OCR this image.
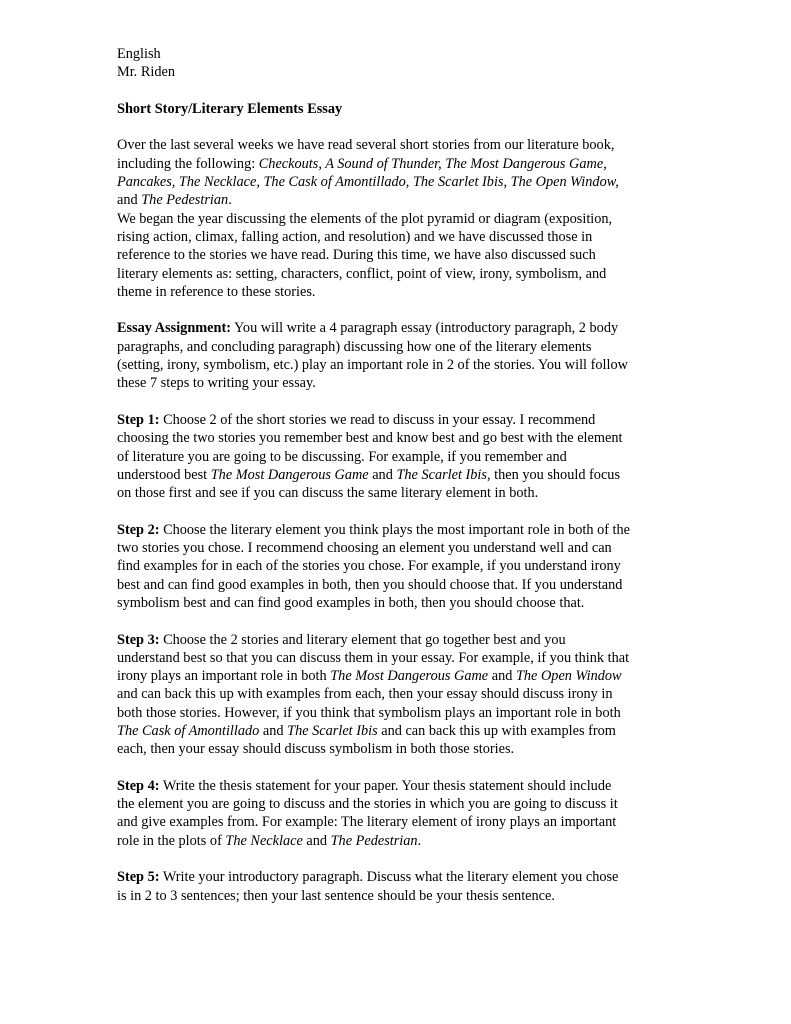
English
Mr. Riden
Short Story/Literary Elements Essay
Over the last several weeks we have read several short stories from our literature book,
including the following: Checkouts, A Sound of Thunder, The Most Dangerous Game,
Pancakes, The Necklace, The Cask of Amontillado, The Scarlet Ibis, The Open Window,
and The Pedestrian.
We began the year discussing the elements of the plot pyramid or diagram (exposition,
rising action, climax, falling action, and resolution) and we have discussed those in
reference to the stories we have read. During this time, we have also discussed such
literary elements as: setting, characters, conflict, point of view, irony, symbolism, and
theme in reference to these stories.
Essay Assignment: You will write a 4 paragraph essay (introductory paragraph, 2 body
paragraphs, and concluding paragraph) discussing how one of the literary elements
(setting, irony, symbolism, etc.) play an important role in 2 of the stories. You will follow
these 7 steps to writing your essay.
Step 1: Choose 2 of the short stories we read to discuss in your essay. I recommend
choosing the two stories you remember best and know best and go best with the element
of literature you are going to be discussing. For example, if you remember and
understood best The Most Dangerous Game and The Scarlet Ibis, then you should focus
on those first and see if you can discuss the same literary element in both.
Step 2: Choose the literary element you think plays the most important role in both of the
two stories you chose. I recommend choosing an element you understand well and can
find examples for in each of the stories you chose. For example, if you understand irony
best and can find good examples in both, then you should choose that. If you understand
symbolism best and can find good examples in both, then you should choose that.
Step 3: Choose the 2 stories and literary element that go together best and you
understand best so that you can discuss them in your essay. For example, if you think that
irony plays an important role in both The Most Dangerous Game and The Open Window
and can back this up with examples from each, then your essay should discuss irony in
both those stories. However, if you think that symbolism plays an important role in both
The Cask of Amontillado and The Scarlet Ibis and can back this up with examples from
each, then your essay should discuss symbolism in both those stories.
Step 4: Write the thesis statement for your paper. Your thesis statement should include
the element you are going to discuss and the stories in which you are going to discuss it
and give examples from. For example: The literary element of irony plays an important
role in the plots of The Necklace and The Pedestrian.
Step 5: Write your introductory paragraph. Discuss what the literary element you chose
is in 2 to 3 sentences; then your last sentence should be your thesis sentence.
